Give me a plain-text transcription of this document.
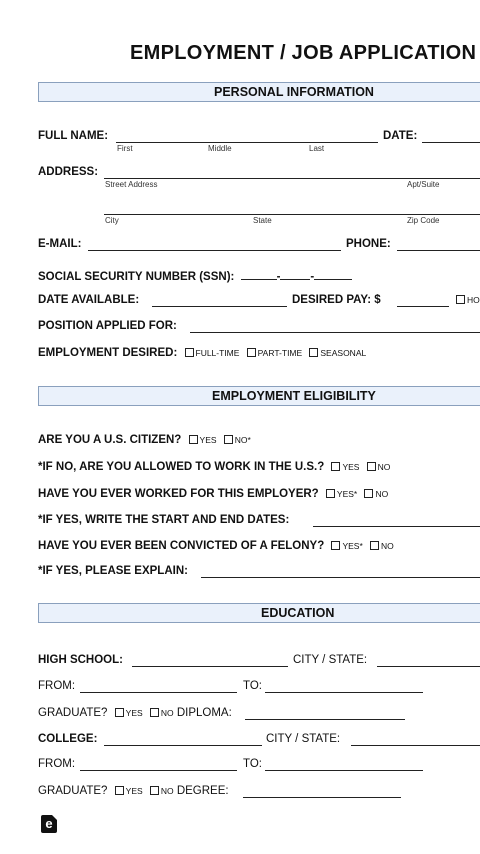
EMPLOYMENT / JOB APPLICATION
PERSONAL INFORMATION
FULL NAME:
First	Middle	Last
DATE:
ADDRESS:
Street Address	Apt/Suite
City	State	Zip Code
E-MAIL:	PHONE:
SOCIAL SECURITY NUMBER (SSN):	-	-
DATE AVAILABLE:	DESIRED PAY: $	HO
POSITION APPLIED FOR:
EMPLOYMENT DESIRED: FULL-TIME PART-TIME SEASONAL
EMPLOYMENT ELIGIBILITY
ARE YOU A U.S. CITIZEN? YES NO*
*IF NO, ARE YOU ALLOWED TO WORK IN THE U.S.? YES NO
HAVE YOU EVER WORKED FOR THIS EMPLOYER? YES* NO
*IF YES, WRITE THE START AND END DATES:
HAVE YOU EVER BEEN CONVICTED OF A FELONY? YES* NO
*IF YES, PLEASE EXPLAIN:
EDUCATION
HIGH SCHOOL:	CITY / STATE:
FROM:	TO:
GRADUATE? YES NO DIPLOMA:
COLLEGE:	CITY / STATE:
FROM:	TO:
GRADUATE? YES NO DEGREE:
e
